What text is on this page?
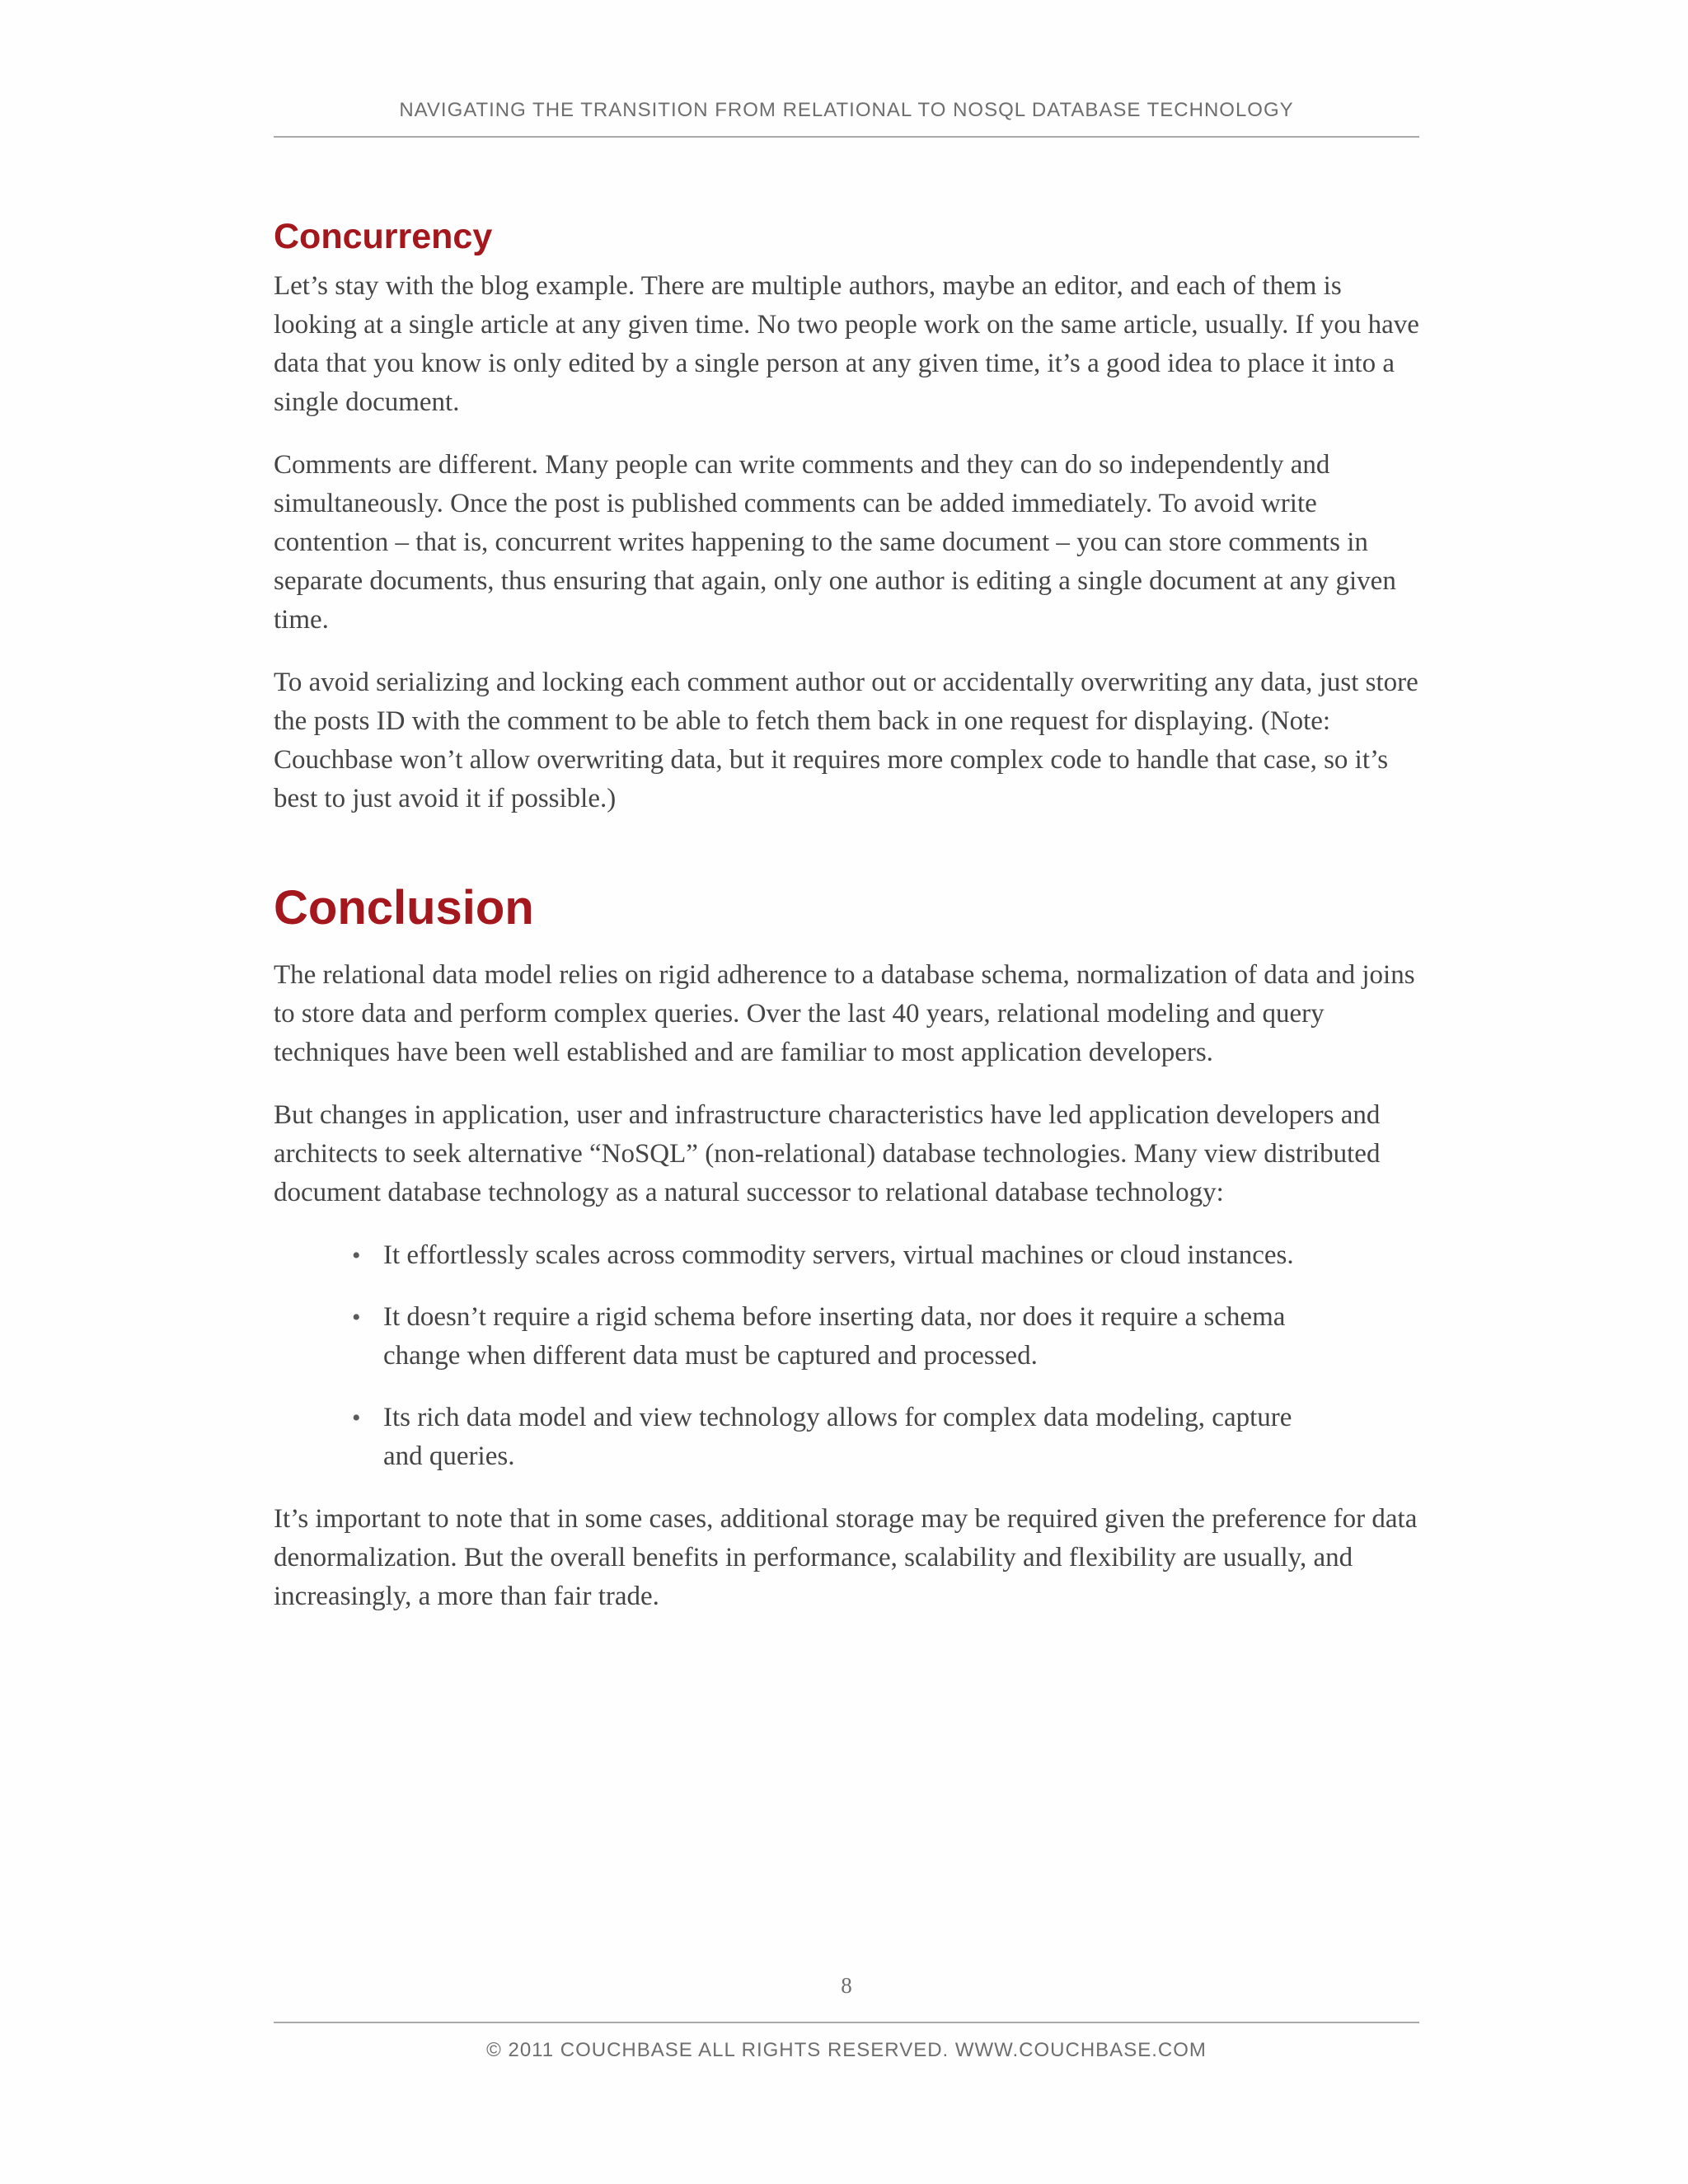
NAVIGATING THE TRANSITION FROM RELATIONAL TO NOSQL DATABASE TECHNOLOGY
Concurrency

Let’s stay with the blog example. There are multiple authors, maybe an editor, and each of them is looking at a single article at any given time. No two people work on the same article, usually. If you have data that you know is only edited by a single person at any given time, it’s a good idea to place it into a single document.

Comments are different. Many people can write comments and they can do so independently and simultaneously. Once the post is published comments can be added immediately. To avoid write contention – that is, concurrent writes happening to the same document – you can store comments in separate documents, thus ensuring that again, only one author is editing a single document at any given time.

To avoid serializing and locking each comment author out or accidentally overwriting any data, just store the posts ID with the comment to be able to fetch them back in one request for displaying. (Note: Couchbase won’t allow overwriting data, but it requires more complex code to handle that case, so it’s best to just avoid it if possible.)

Conclusion

The relational data model relies on rigid adherence to a database schema, normalization of data and joins to store data and perform complex queries. Over the last 40 years, relational modeling and query techniques have been well established and are familiar to most application developers.

But changes in application, user and infrastructure characteristics have led application developers and architects to seek alternative “NoSQL” (non-relational) database technologies. Many view distributed document database technology as a natural successor to relational database technology:

• It effortlessly scales across commodity servers, virtual machines or cloud instances.
• It doesn’t require a rigid schema before inserting data, nor does it require a schema change when different data must be captured and processed.
• Its rich data model and view technology allows for complex data modeling, capture and queries.

It’s important to note that in some cases, additional storage may be required given the preference for data denormalization. But the overall benefits in performance, scalability and flexibility are usually, and increasingly, a more than fair trade.

8
© 2011 COUCHBASE ALL RIGHTS RESERVED. WWW.COUCHBASE.COM
